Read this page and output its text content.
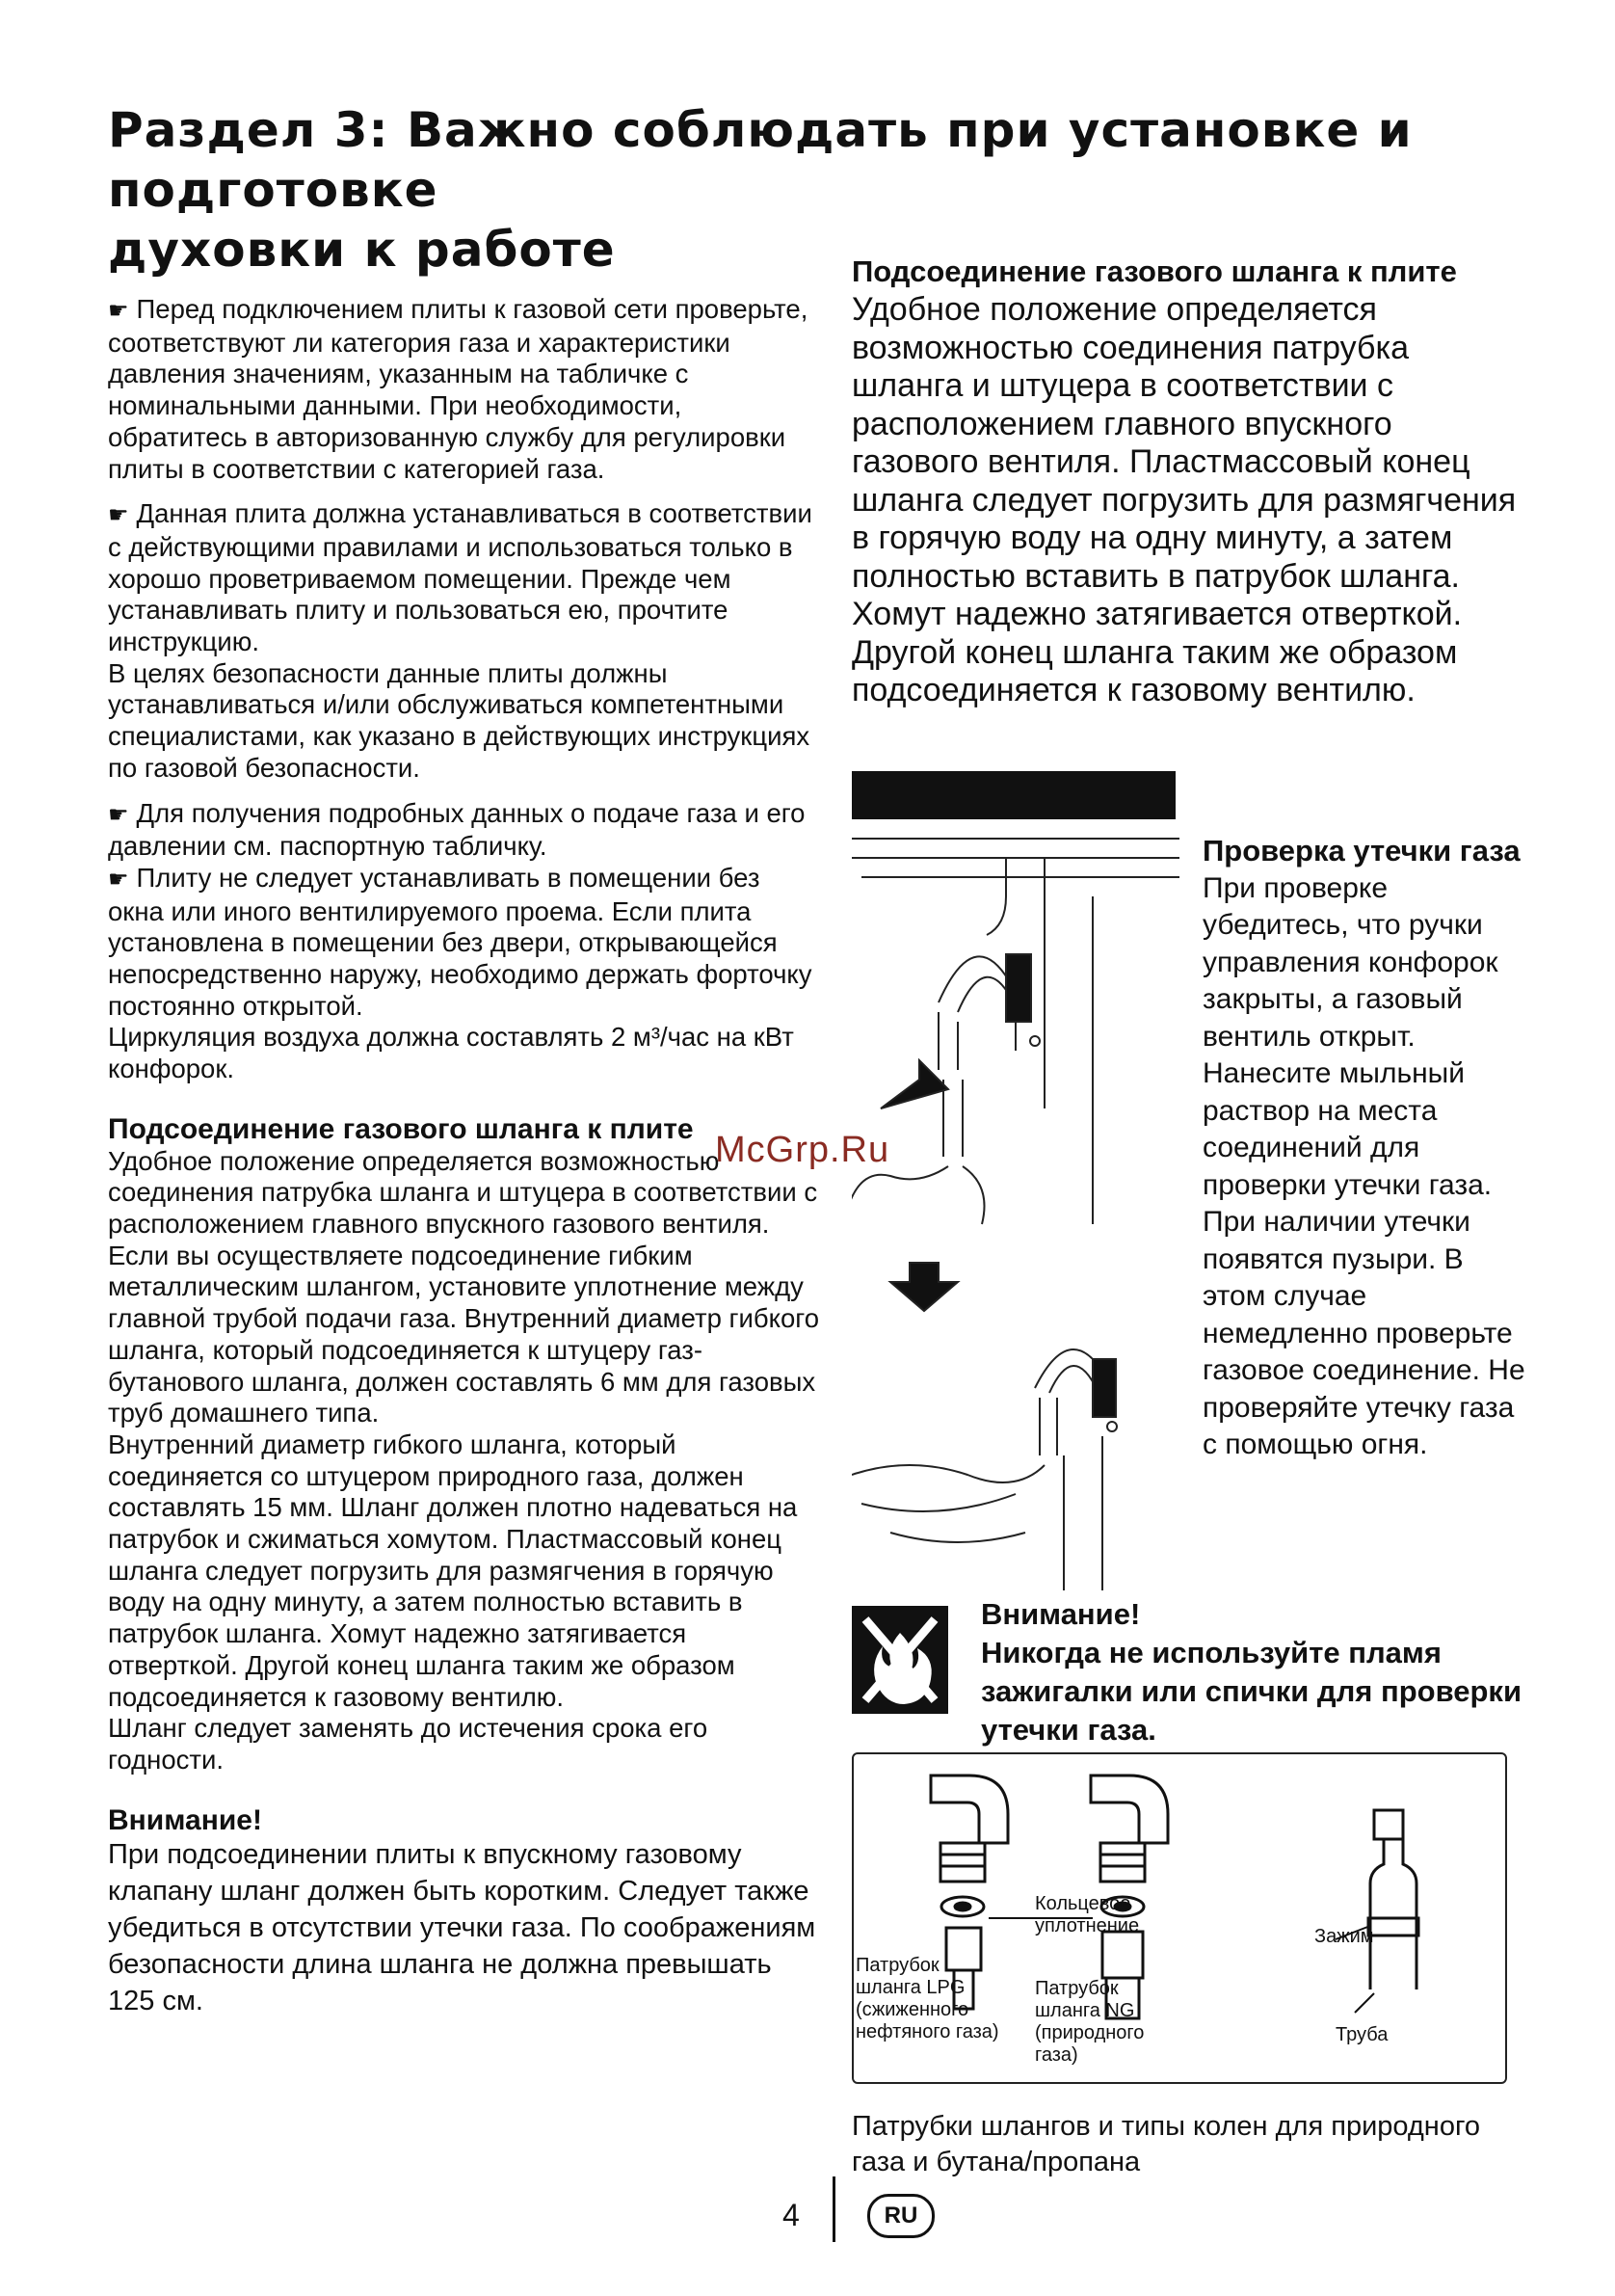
Раздел 3: Важно соблюдать при установке и
подготовке
духовки к работе

☛ Перед подключением плиты к газовой сети проверьте, соответствуют ли категория газа и характеристики давления значениям, указанным на табличке с номинальными данными. При необходимости, обратитесь в авторизованную службу для регулировки плиты в соответствии с категорией газа.

☛ Данная плита должна устанавливаться в соответствии с действующими правилами и использоваться только в хорошо проветриваемом помещении. Прежде чем устанавливать плиту и пользоваться ею, прочтите инструкцию.

В целях безопасности данные плиты должны устанавливаться и/или обслуживаться компетентными специалистами, как указано в действующих инструкциях по газовой безопасности.

☛ Для получения подробных данных о подаче газа и его давлении см. паспортную табличку.

☛ Плиту не следует устанавливать в помещении без окна или иного вентилируемого проема. Если плита установлена в помещении без двери, открывающейся непосредственно наружу, необходимо держать форточку постоянно открытой.

Циркуляция воздуха должна составлять 2 м³/час на кВт конфорок.

Подсоединение газового шланга к плите

Удобное положение определяется возможностью соединения патрубка шланга и штуцера в соответствии с расположением главного впускного газового вентиля. Если вы осуществляете подсоединение гибким металлическим шлангом, установите уплотнение между главной трубой подачи газа. Внутренний диаметр гибкого шланга, который подсоединяется к штуцеру газ-бутанового шланга, должен составлять 6 мм для газовых труб домашнего типа.

Внутренний диаметр гибкого шланга, который соединяется со штуцером природного газа, должен составлять 15 мм. Шланг должен плотно надеваться на патрубок и сжиматься хомутом. Пластмассовый конец шланга следует погрузить для размягчения в горячую воду на одну минуту, а затем полностью вставить в патрубок шланга. Хомут надежно затягивается отверткой. Другой конец шланга таким же образом подсоединяется к газовому вентилю.

Шланг следует заменять до истечения срока его годности.

Внимание!

При подсоединении плиты к впускному газовому клапану шланг должен быть коротким. Следует также убедиться в отсутствии утечки газа. По соображениям безопасности длина шланга не должна превышать 125 см.

Подсоединение газового шланга к плите

Удобное положение определяется возможностью соединения патрубка шланга и штуцера в соответствии с расположением главного впускного газового вентиля. Пластмассовый конец шланга следует погрузить для размягчения в горячую воду на одну минуту, а затем полностью вставить в патрубок шланга. Хомут надежно затягивается отверткой. Другой конец шланга таким же образом подсоединяется к газовому вентилю.

Проверка утечки газа

При проверке убедитесь, что ручки управления конфорок закрыты, а газовый вентиль открыт. Нанесите мыльный раствор на места соединений для проверки утечки газа. При наличии утечки появятся пузыри. В этом случае немедленно проверьте газовое соединение. Не проверяйте утечку газа с помощью огня.

Внимание!

Никогда не используйте пламя зажигалки или спички для проверки утечки газа.

Кольцевое уплотнение
Патрубок шланга LPG (сжиженного нефтяного газа)
Патрубок шланга NG (природного газа)
Зажим
Труба
Патрубки шлангов и типы колен для природного газа и бутана/пропана
4	RU
McGrp.Ru
